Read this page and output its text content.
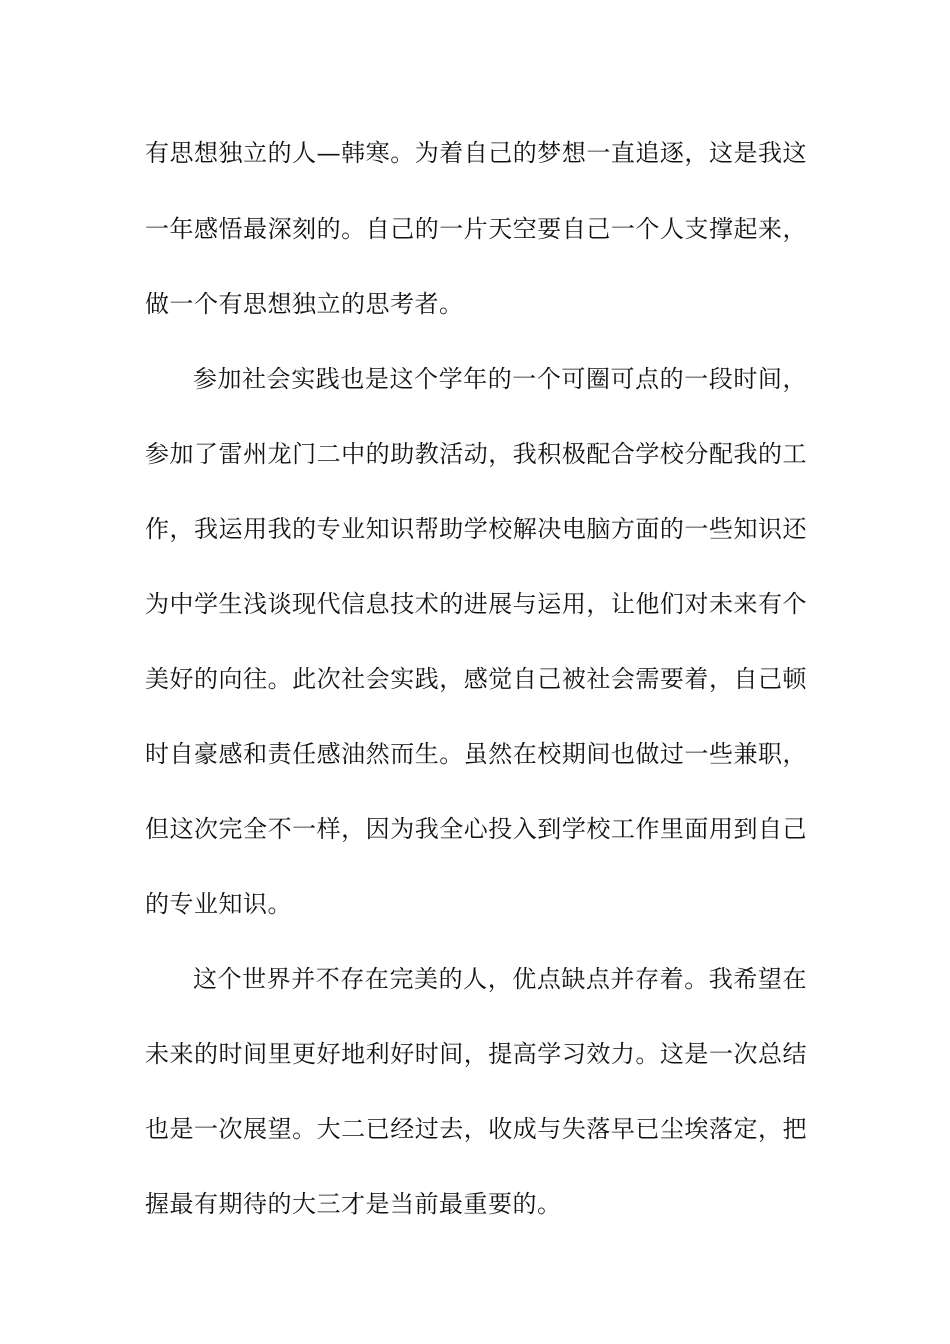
有思想独立的人—韩寒。为着自己的梦想一直追逐，这是我这
一年感悟最深刻的。自己的一片天空要自己一个人支撑起来，
做一个有思想独立的思考者。
参加社会实践也是这个学年的一个可圈可点的一段时间，
参加了雷州龙门二中的助教活动，我积极配合学校分配我的工
作，我运用我的专业知识帮助学校解决电脑方面的一些知识还
为中学生浅谈现代信息技术的进展与运用，让他们对未来有个
美好的向往。此次社会实践，感觉自己被社会需要着，自己顿
时自豪感和责任感油然而生。虽然在校期间也做过一些兼职，
但这次完全不一样，因为我全心投入到学校工作里面用到自己
的专业知识。
这个世界并不存在完美的人，优点缺点并存着。我希望在
未来的时间里更好地利好时间，提高学习效力。这是一次总结
也是一次展望。大二已经过去，收成与失落早已尘埃落定，把
握最有期待的大三才是当前最重要的。
